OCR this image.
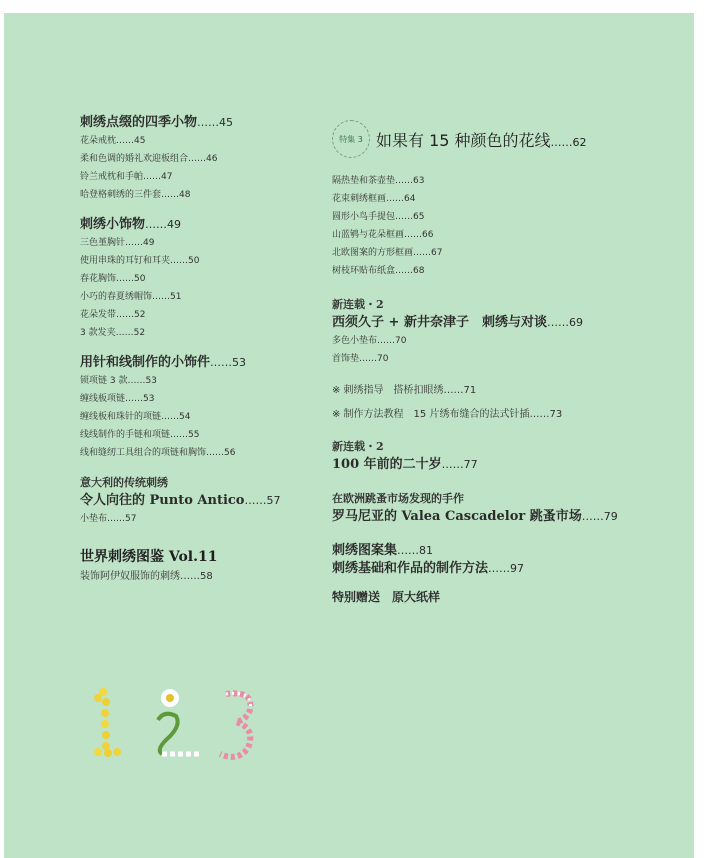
刺绣点缀的四季小物……45
花朵戒枕……45
柔和色调的婚礼欢迎板组合……46
铃兰戒枕和手帕……47
哈登格刺绣的三件套……48
刺绣小饰物……49
三色堇胸针……49
使用串珠的耳钉和耳夹……50
春花胸饰……50
小巧的春夏绣帽饰……51
花朵发带……52
3 款发夹……52
用针和线制作的小饰件……53
锁项链 3 款……53
缠线板项链……53
缠线板和珠针的项链……54
线线制作的手链和项链……55
线和缝纫工具组合的项链和胸饰……56
意大利的传统刺绣
令人向往的 Punto Antico……57
小垫布……57
世界刺绣图鉴 Vol.11
装饰阿伊奴服饰的刺绣……58
特集 3 如果有 15 种颜色的花线……62
隔热垫和茶壶垫……63
花束刺绣框画……64
圆形小鸟手提包……65
山蓝鸲与花朵框画……66
北欧图案的方形框画……67
树枝环贴布纸盒……68
新连载・2
西须久子 + 新井奈津子　刺绣与对谈……69
多色小垫布……70
首饰垫……70
※ 刺绣指导　搭桥扣眼绣……71
※ 制作方法教程　15 片绣布缝合的法式针插……73
新连载・2
100 年前的二十岁……77
在欧洲跳蚤市场发现的手作
罗马尼亚的 Valea Cascadelor 跳蚤市场……79
刺绣图案集……81
刺绣基础和作品的制作方法……97
特别赠送　原大纸样
